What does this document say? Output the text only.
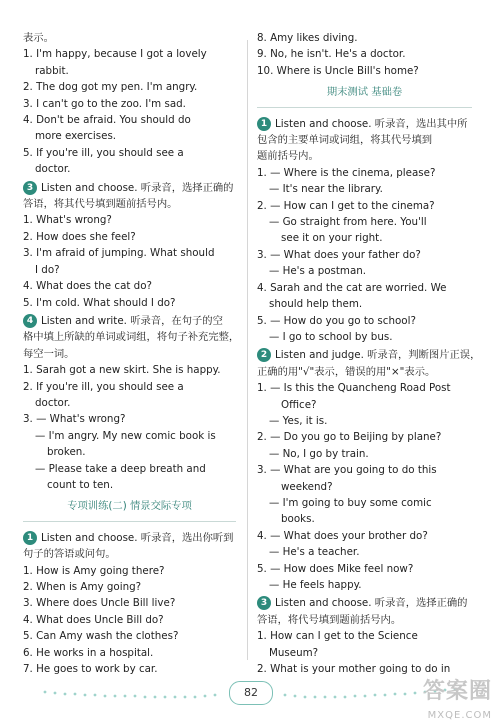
表示。
1. I'm happy, because I got a lovely
rabbit.
2. The dog got my pen. I'm angry.
3. I can't go to the zoo. I'm sad.
4. Don't be afraid. You should do
more exercises.
5. If you're ill, you should see a
doctor.
3 Listen and choose. 听录音，选择正确的
答语，将其代号填到题前括号内。
1. What's wrong?
2. How does she feel?
3. I'm afraid of jumping. What should
I do?
4. What does the cat do?
5. I'm cold. What should I do?
4 Listen and write. 听录音，在句子的空
格中填上所缺的单词或词组，将句子补充完整，
每空一词。
1. Sarah got a new skirt. She is happy.
2. If you're ill, you should see a
doctor.
3. — What's wrong?
— I'm angry. My new comic book is
broken.
— Please take a deep breath and
count to ten.
专项训练(二) 情景交际专项
1 Listen and choose. 听录音，选出你听到
句子的答语或问句。
1. How is Amy going there?
2. When is Amy going?
3. Where does Uncle Bill live?
4. What does Uncle Bill do?
5. Can Amy wash the clothes?
6. He works in a hospital.
7. He goes to work by car.
8. Amy likes diving.
9. No, he isn't. He's a doctor.
10. Where is Uncle Bill's home?
期末测试 基础卷
1 Listen and choose. 听录音，选出其中所
包含的主要单词或词组，将其代号填到
题前括号内。
1. — Where is the cinema, please?
— It's near the library.
2. — How can I get to the cinema?
— Go straight from here. You'll
see it on your right.
3. — What does your father do?
— He's a postman.
4. Sarah and the cat are worried. We
should help them.
5. — How do you go to school?
— I go to school by bus.
2 Listen and judge. 听录音，判断图片正误，
正确的用"√"表示，错误的用"×"表示。
1. — Is this the Quancheng Road Post
Office?
— Yes, it is.
2. — Do you go to Beijing by plane?
— No, I go by train.
3. — What are you going to do this
weekend?
— I'm going to buy some comic
books.
4. — What does your brother do?
— He's a teacher.
5. — How does Mike feel now?
— He feels happy.
3 Listen and choose. 听录音，选择正确的
答语，将代号填到题前括号内。
1. How can I get to the Science
Museum?
2. What is your mother going to do in
82	答案圈
MXQE.COM
